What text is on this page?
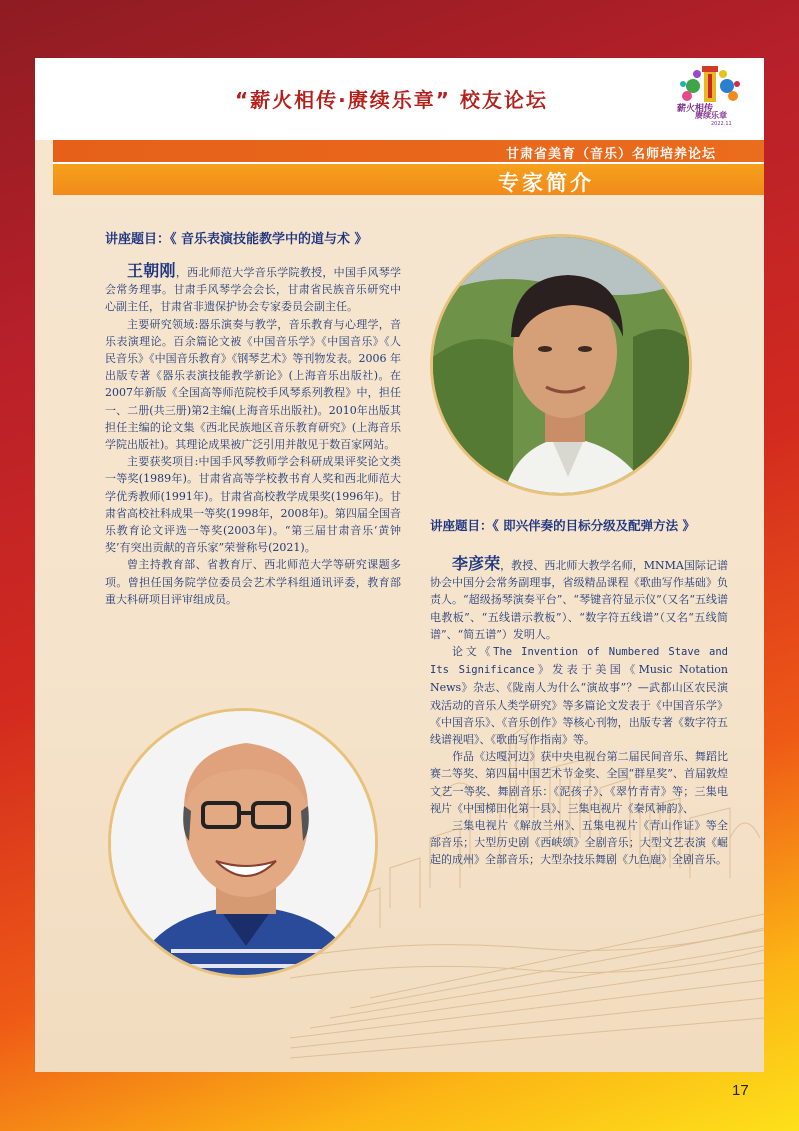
“薪火相传·赓续乐章” 校友论坛	薪火相传
赓续乐章
2022.11
甘肃省美育（音乐）名师培养论坛
专家简介
讲座题目：《 音乐表演技能教学中的道与术 》

王朝刚，西北师范大学音乐学院教授，中国手风琴学会常务理事。甘肃手风琴学会会长，甘肃省民族音乐研究中心副主任，甘肃省非遗保护协会专家委员会副主任。

主要研究领域:器乐演奏与教学，音乐教育与心理学，音乐表演理论。百余篇论文被《中国音乐学》《中国音乐》《人民音乐》《中国音乐教育》《钢琴艺术》等刊物发表。2006 年出版专著《器乐表演技能教学新论》(上海音乐出版社)。在2007年新版《全国高等师范院校手风琴系列教程》中，担任一、二册(共三册)第2主编(上海音乐出版社)。2010年出版其担任主编的论文集《西北民族地区音乐教育研究》(上海音乐学院出版社)。其理论成果被广泛引用并散见于数百家网站。

主要获奖项目:中国手风琴教师学会科研成果评奖论文类一等奖(1989年)。甘肃省高等学校教书育人奖和西北师范大学优秀教师(1991年)。甘肃省高校教学成果奖(1996年)。甘肃省高校社科成果一等奖(1998年，2008年)。第四届全国音乐教育论文评选一等奖(2003年)。“第三届甘肃音乐‘黄钟奖’有突出贡献的音乐家”荣誉称号(2021)。

曾主持教育部、省教育厅、西北师范大学等研究课题多项。曾担任国务院学位委员会艺术学科组通讯评委，教育部重大科研项目评审组成员。

讲座题目：《 即兴伴奏的目标分级及配弹方法 》

李彦荣，教授、西北师大教学名师，MNMA国际记谱协会中国分会常务副理事，省级精品课程《歌曲写作基础》负责人。“超级扬琴演奏平台”、“琴键音符显示仪”（又名“五线谱电教板”、“五线谱示教板”）、“数字符五线谱”（又名“五线简谱”、“简五谱”）发明人。

论文《The Invention of Numbered Stave and Its Significance》发表于美国《Music Notation News》杂志、《陇南人为什么“演故事”？—武都山区农民演戏活动的音乐人类学研究》等多篇论文发表于《中国音乐学》《中国音乐》、《音乐创作》等核心刊物，出版专著《数字符五线谱视唱》、《歌曲写作指南》等。

作品《达嘎河边》获中央电视台第二届民间音乐、舞蹈比赛二等奖、第四届中国艺术节金奖、全国“群星奖”、首届敦煌文艺一等奖、舞剧音乐：《泥孩子》、《翠竹青青》等；三集电视片《中国梯田化第一县》、三集电视片《秦风神韵》、

三集电视片《解放兰州》、五集电视片《青山作证》等全部音乐；大型历史剧《西峡颂》全剧音乐；大型文艺表演《崛起的成州》全部音乐；大型杂技乐舞剧《九色鹿》全剧音乐。

17
